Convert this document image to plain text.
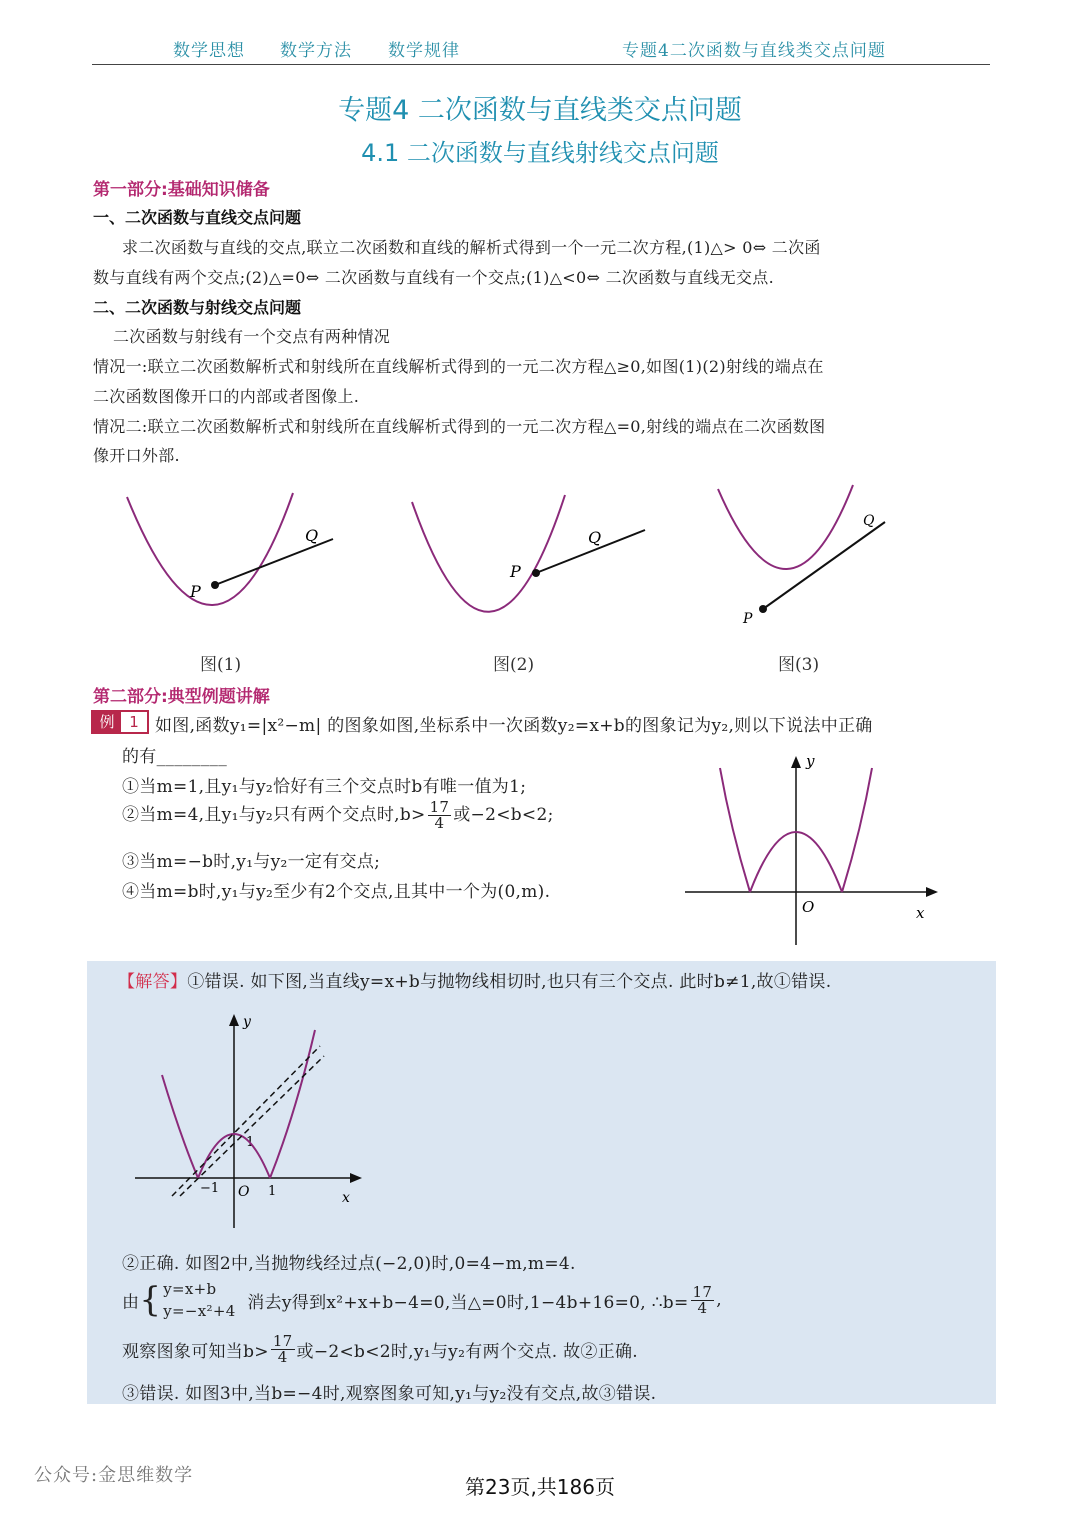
数学思想 数学方法 数学规律	专题4二次函数与直线类交点问题
专题4 二次函数与直线类交点问题
4.1 二次函数与直线射线交点问题
第一部分:基础知识储备
一、二次函数与直线交点问题
求二次函数与直线的交点,联立二次函数和直线的解析式得到一个一元二次方程,(1)△> 0⇔ 二次函
数与直线有两个交点;(2)△=0⇔ 二次函数与直线有一个交点;(1)△<0⇔ 二次函数与直线无交点.
二、二次函数与射线交点问题
二次函数与射线有一个交点有两种情况
情况一:联立二次函数解析式和射线所在直线解析式得到的一元二次方程△≥0,如图(1)(2)射线的端点在
二次函数图像开口的内部或者图像上.
情况二:联立二次函数解析式和射线所在直线解析式得到的一元二次方程△=0,射线的端点在二次函数图
像开口外部.
P
Q
P
Q
P
Q
图(1)	图(2)	图(3)
第二部分:典型例题讲解
例 1 如图,函数y₁=|x²−m| 的图象如图,坐标系中一次函数y₂=x+b的图象记为y₂,则以下说法中正确
的有________
①当m=1,且y₁与y₂恰好有三个交点时b有唯一值为1;
②当m=4,且y₁与y₂只有两个交点时$,b> \frac{17}{4}$ 或−2<b<2;
③当m=−b时,y₁与y₂一定有交点;
④当m=b时,y₁与y₂至少有2个交点,且其中一个为(0,m).
y
x
O
【解答】①错误. 如下图,当直线y=x+b与抛物线相切时,也只有三个交点. 此时b≠1,故①错误.
y
x
O
1
−1	1
②正确. 如图2中,当抛物线经过点(−2,0)时,0=4−m,m=4.
由{ y=x+b
y=−x²+4 消去y得到x²+x+b−4=0,当△=0时,1−4b+16=0, ∴b= $\frac{17}{4}$ ,
观察图象可知当$b> \frac{17}{4}$ 或−2<b<2时,y₁与y₂有两个交点. 故②正确.
③错误. 如图3中,当b=−4时,观察图象可知,y₁与y₂没有交点,故③错误.
公众号:金思维数学	第23页,共186页
